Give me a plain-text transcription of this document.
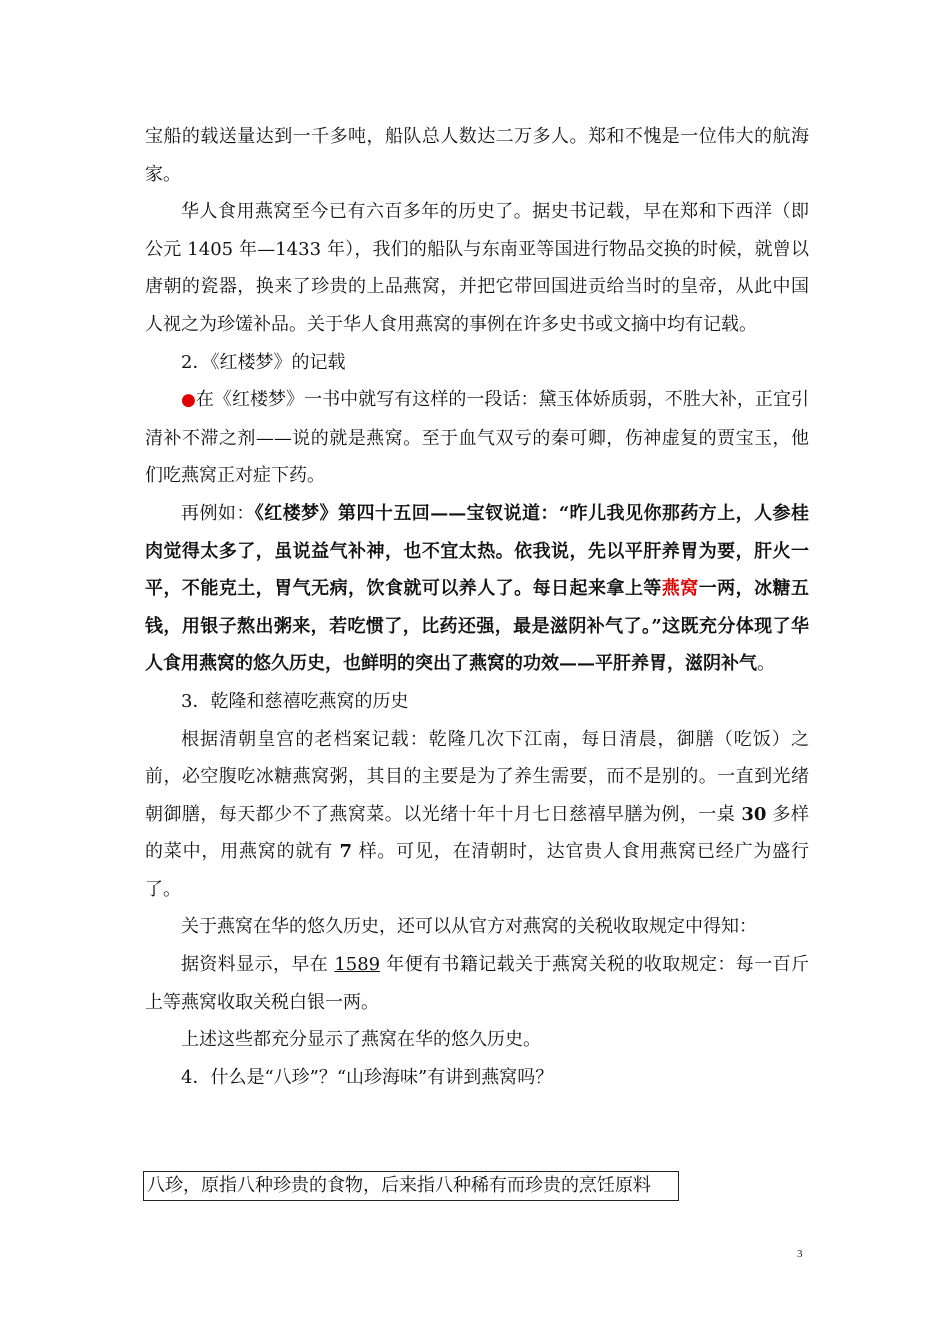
宝船的载送量达到一千多吨，船队总人数达二万多人。郑和不愧是一位伟大的航海家。

华人食用燕窝至今已有六百多年的历史了。据史书记载，早在郑和下西洋（即公元 1405 年—1433 年），我们的船队与东南亚等国进行物品交换的时候，就曾以唐朝的瓷器，换来了珍贵的上品燕窝，并把它带回国进贡给当时的皇帝，从此中国人视之为珍馐补品。关于华人食用燕窝的事例在许多史书或文摘中均有记载。

2．《红楼梦》的记载

●在《红楼梦》一书中就写有这样的一段话：黛玉体娇质弱，不胜大补，正宜引清补不滞之剂——说的就是燕窝。至于血气双亏的秦可卿，伤神虚复的贾宝玉，他们吃燕窝正对症下药。

再例如：《红楼梦》第四十五回——宝钗说道：“昨儿我见你那药方上，人参桂肉觉得太多了，虽说益气补神，也不宜太热。依我说，先以平肝养胃为要，肝火一平，不能克土，胃气无病，饮食就可以养人了。每日起来拿上等燕窝一两，冰糖五钱，用银子熬出粥来，若吃惯了，比药还强，最是滋阴补气了。”这既充分体现了华人食用燕窝的悠久历史，也鲜明的突出了燕窝的功效——平肝养胃，滋阴补气。

3．乾隆和慈禧吃燕窝的历史

根据清朝皇宫的老档案记载：乾隆几次下江南，每日清晨，御膳（吃饭）之前，必空腹吃冰糖燕窝粥，其目的主要是为了养生需要，而不是别的。一直到光绪朝御膳，每天都少不了燕窝菜。以光绪十年十月七日慈禧早膳为例，一桌 30 多样的菜中，用燕窝的就有 7 样。可见，在清朝时，达官贵人食用燕窝已经广为盛行了。

关于燕窝在华的悠久历史，还可以从官方对燕窝的关税收取规定中得知：

据资料显示，早在 1589 年便有书籍记载关于燕窝关税的收取规定：每一百斤上等燕窝收取关税白银一两。

上述这些都充分显示了燕窝在华的悠久历史。

4．什么是“八珍”？“山珍海味”有讲到燕窝吗？

八珍，原指八种珍贵的食物，后来指八种稀有而珍贵的烹饪原料
3
